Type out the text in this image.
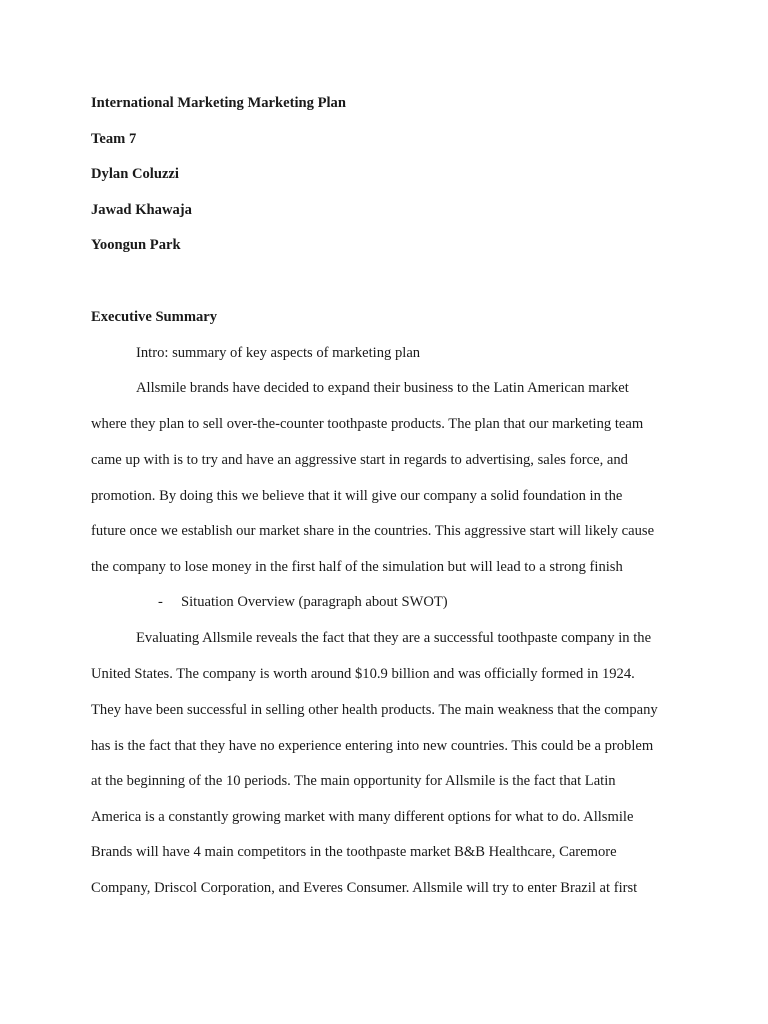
International Marketing Marketing Plan
Team 7
Dylan Coluzzi
Jawad Khawaja
Yoongun Park
Executive Summary
Intro: summary of key aspects of marketing plan
Allsmile brands have decided to expand their business to the Latin American market
where they plan to sell over-the-counter toothpaste products. The plan that our marketing team
came up with is to try and have an aggressive start in regards to advertising, sales force, and
promotion. By doing this we believe that it will give our company a solid foundation in the
future once we establish our market share in the countries. This aggressive start will likely cause
the company to lose money in the first half of the simulation but will lead to a strong finish
- Situation Overview (paragraph about SWOT)
Evaluating Allsmile reveals the fact that they are a successful toothpaste company in the
United States. The company is worth around $10.9 billion and was officially formed in 1924.
They have been successful in selling other health products. The main weakness that the company
has is the fact that they have no experience entering into new countries. This could be a problem
at the beginning of the 10 periods. The main opportunity for Allsmile is the fact that Latin
America is a constantly growing market with many different options for what to do. Allsmile
Brands will have 4 main competitors in the toothpaste market B&B Healthcare, Caremore
Company, Driscol Corporation, and Everes Consumer. Allsmile will try to enter Brazil at first
